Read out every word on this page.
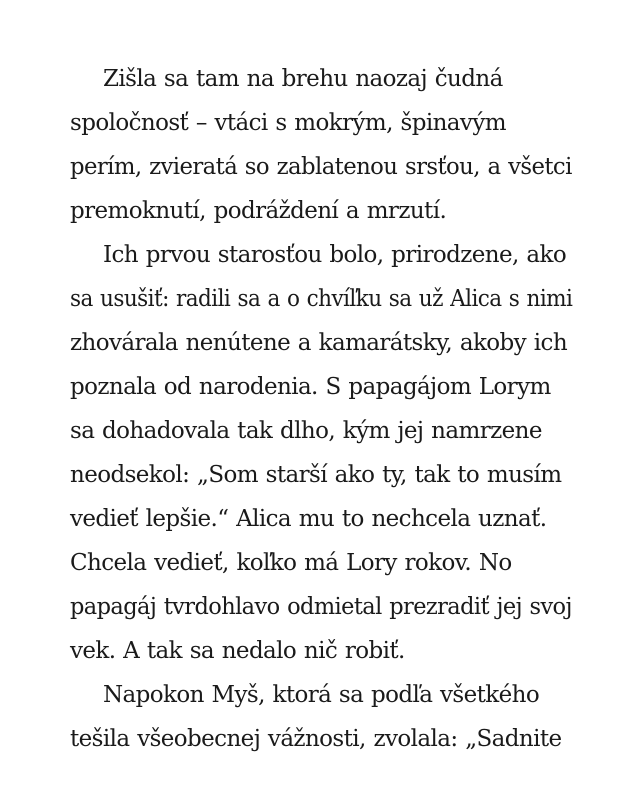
Zišla sa tam na brehu naozaj čudná

spoločnosť – vtáci s mokrým, špinavým

perím, zvieratá so zablatenou srsťou, a všetci

premoknutí, podráždení a mrzutí.

Ich prvou starosťou bolo, prirodzene, ako

sa usušiť: radili sa a o chvíľku sa už Alica s nimi

zhovárala nenútene a kamarátsky, akoby ich

poznala od narodenia. S papagájom Lorym

sa dohadovala tak dlho, kým jej namrzene

neodsekol: „Som starší ako ty, tak to musím

vedieť lepšie.“ Alica mu to nechcela uznať.

Chcela vedieť, koľko má Lory rokov. No

papagáj tvrdohlavo odmietal prezradiť jej svoj

vek. A tak sa nedalo nič robiť.

Napokon Myš, ktorá sa podľa všetkého

tešila všeobecnej vážnosti, zvolala: „Sadnite
